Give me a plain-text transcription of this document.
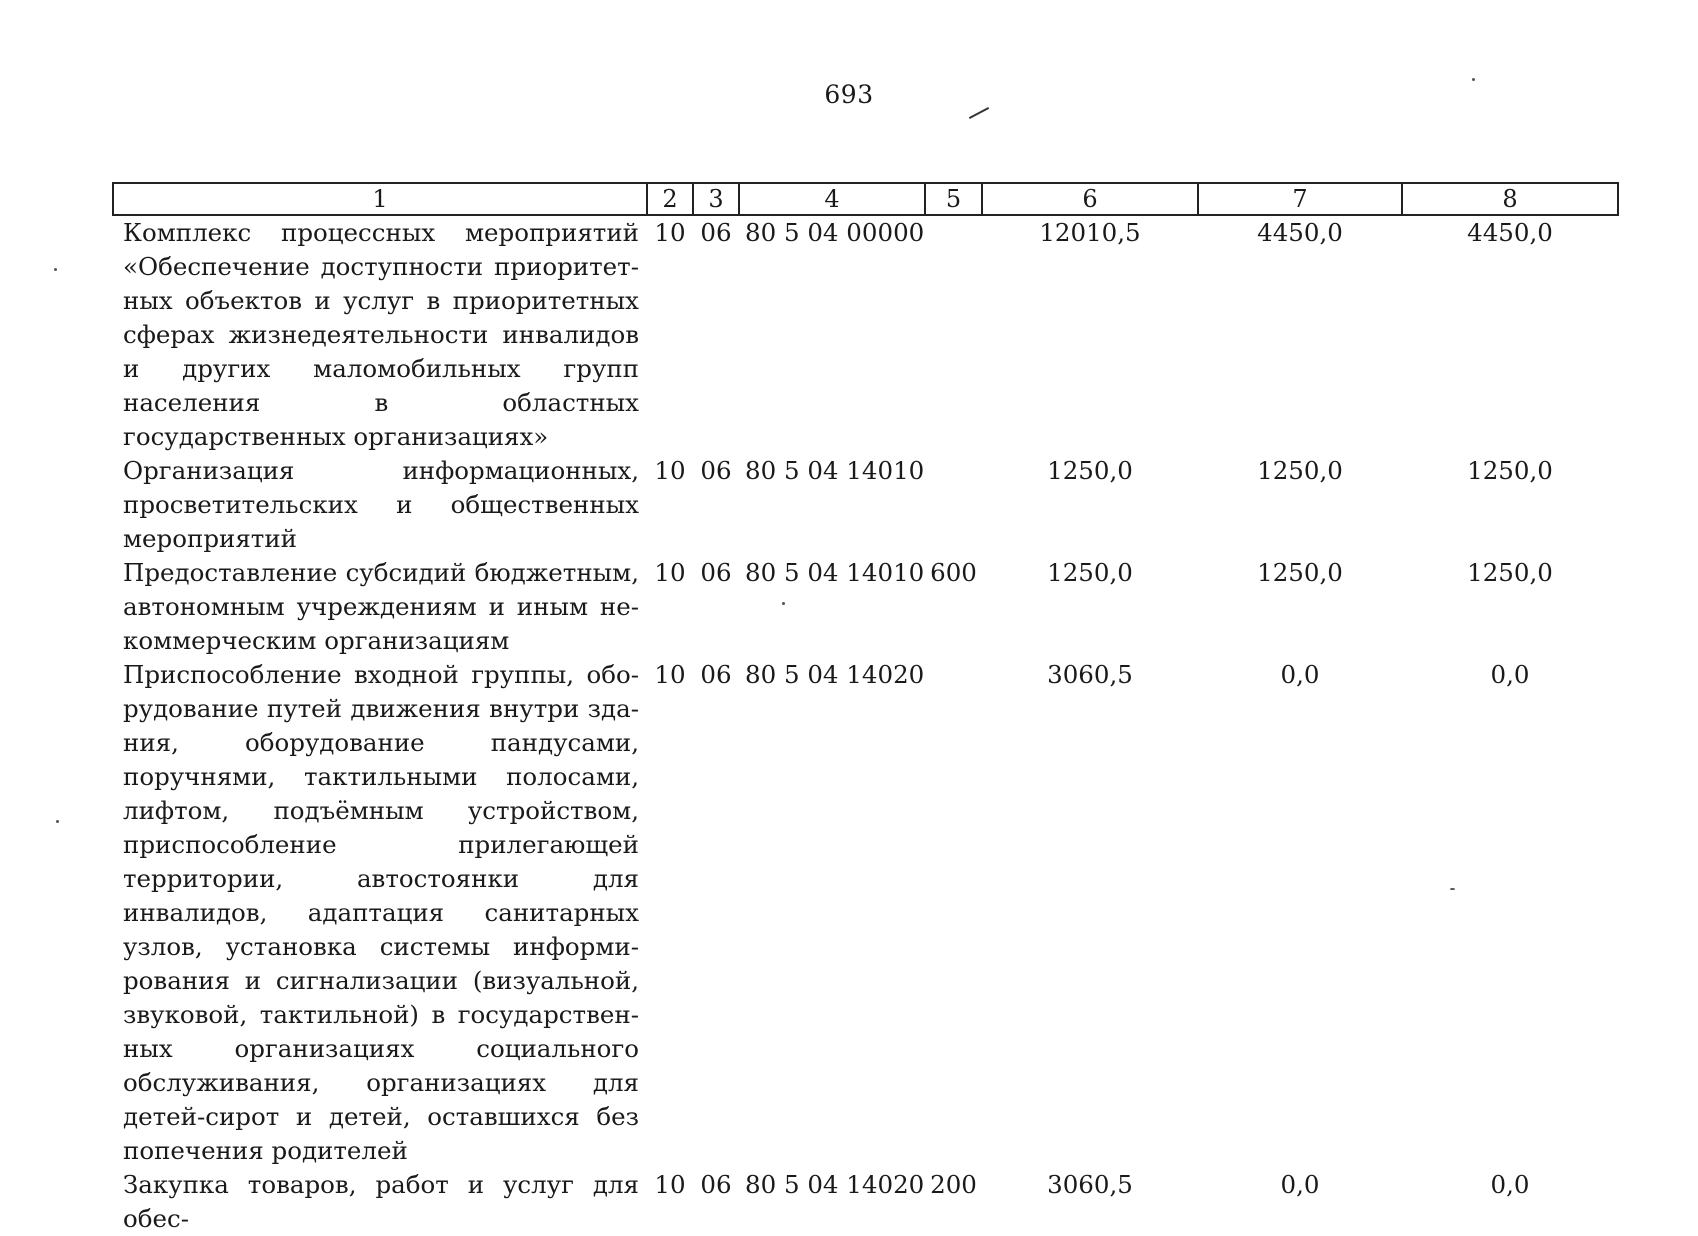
693
1	2	3	4	5	6	7	8
Комплекс процессных мероприятий «Обеспечение доступности приоритетных объектов и услуг в приоритетных сферах жизнедеятельности инвалидов и других маломобильных групп населения в областных государственных организациях»	10	06	80 5 04 00000		12010,5	4450,0	4450,0
Организация информационных, просветительских и общественных мероприятий	10	06	80 5 04 14010		1250,0	1250,0	1250,0
Предоставление субсидий бюджетным, автономным учреждениям и иным некоммерческим организациям	10	06	80 5 04 14010	600	1250,0	1250,0	1250,0
Приспособление входной группы, оборудование путей движения внутри здания, оборудование пандусами, поручнями, тактильными полосами, лифтом, подъёмным устройством, приспособление прилегающей территории, автостоянки для инвалидов, адаптация санитарных узлов, установка системы информирования и сигнализации (визуальной, звуковой, тактильной) в государственных организациях социального обслуживания, организациях для детей-сирот и детей, оставшихся без попечения родителей	10	06	80 5 04 14020		3060,5	0,0	0,0
Закупка товаров, работ и услуг для обес-	10	06	80 5 04 14020	200	3060,5	0,0	0,0
